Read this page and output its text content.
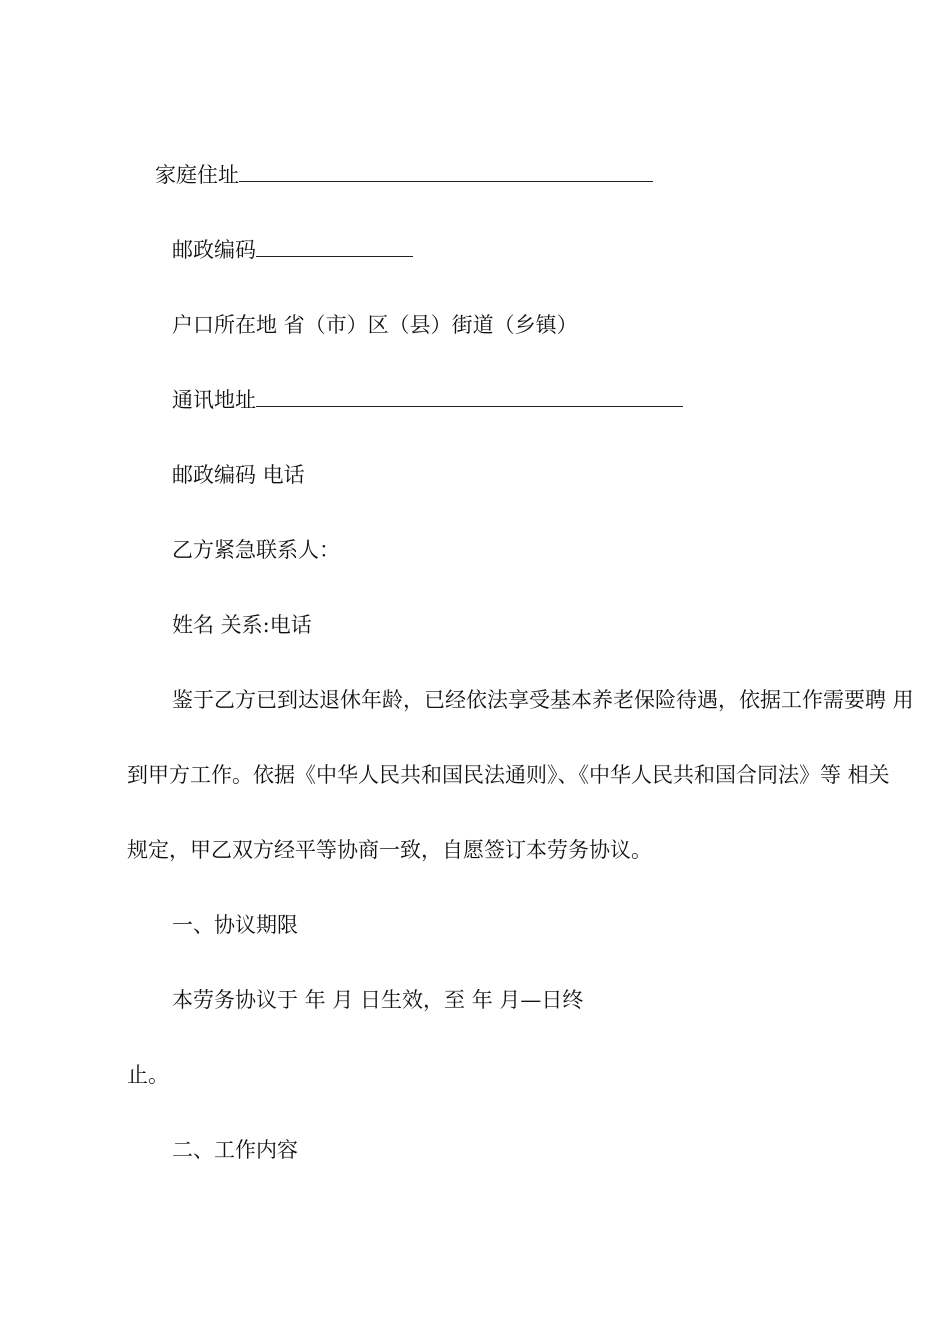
家庭住址
邮政编码
户口所在地 省（市）区（县）街道（乡镇）
通讯地址
邮政编码 电话
乙方紧急联系人：
姓名 关系:电话
鉴于乙方已到达退休年龄，已经依法享受基本养老保险待遇，依据工作需要聘 用
到甲方工作。依据《中华人民共和国民法通则》、《中华人民共和国合同法》等 相关
规定，甲乙双方经平等协商一致，自愿签订本劳务协议。
一、协议期限
本劳务协议于 年 月 日生效，至 年 月—日终
止。
二、工作内容
